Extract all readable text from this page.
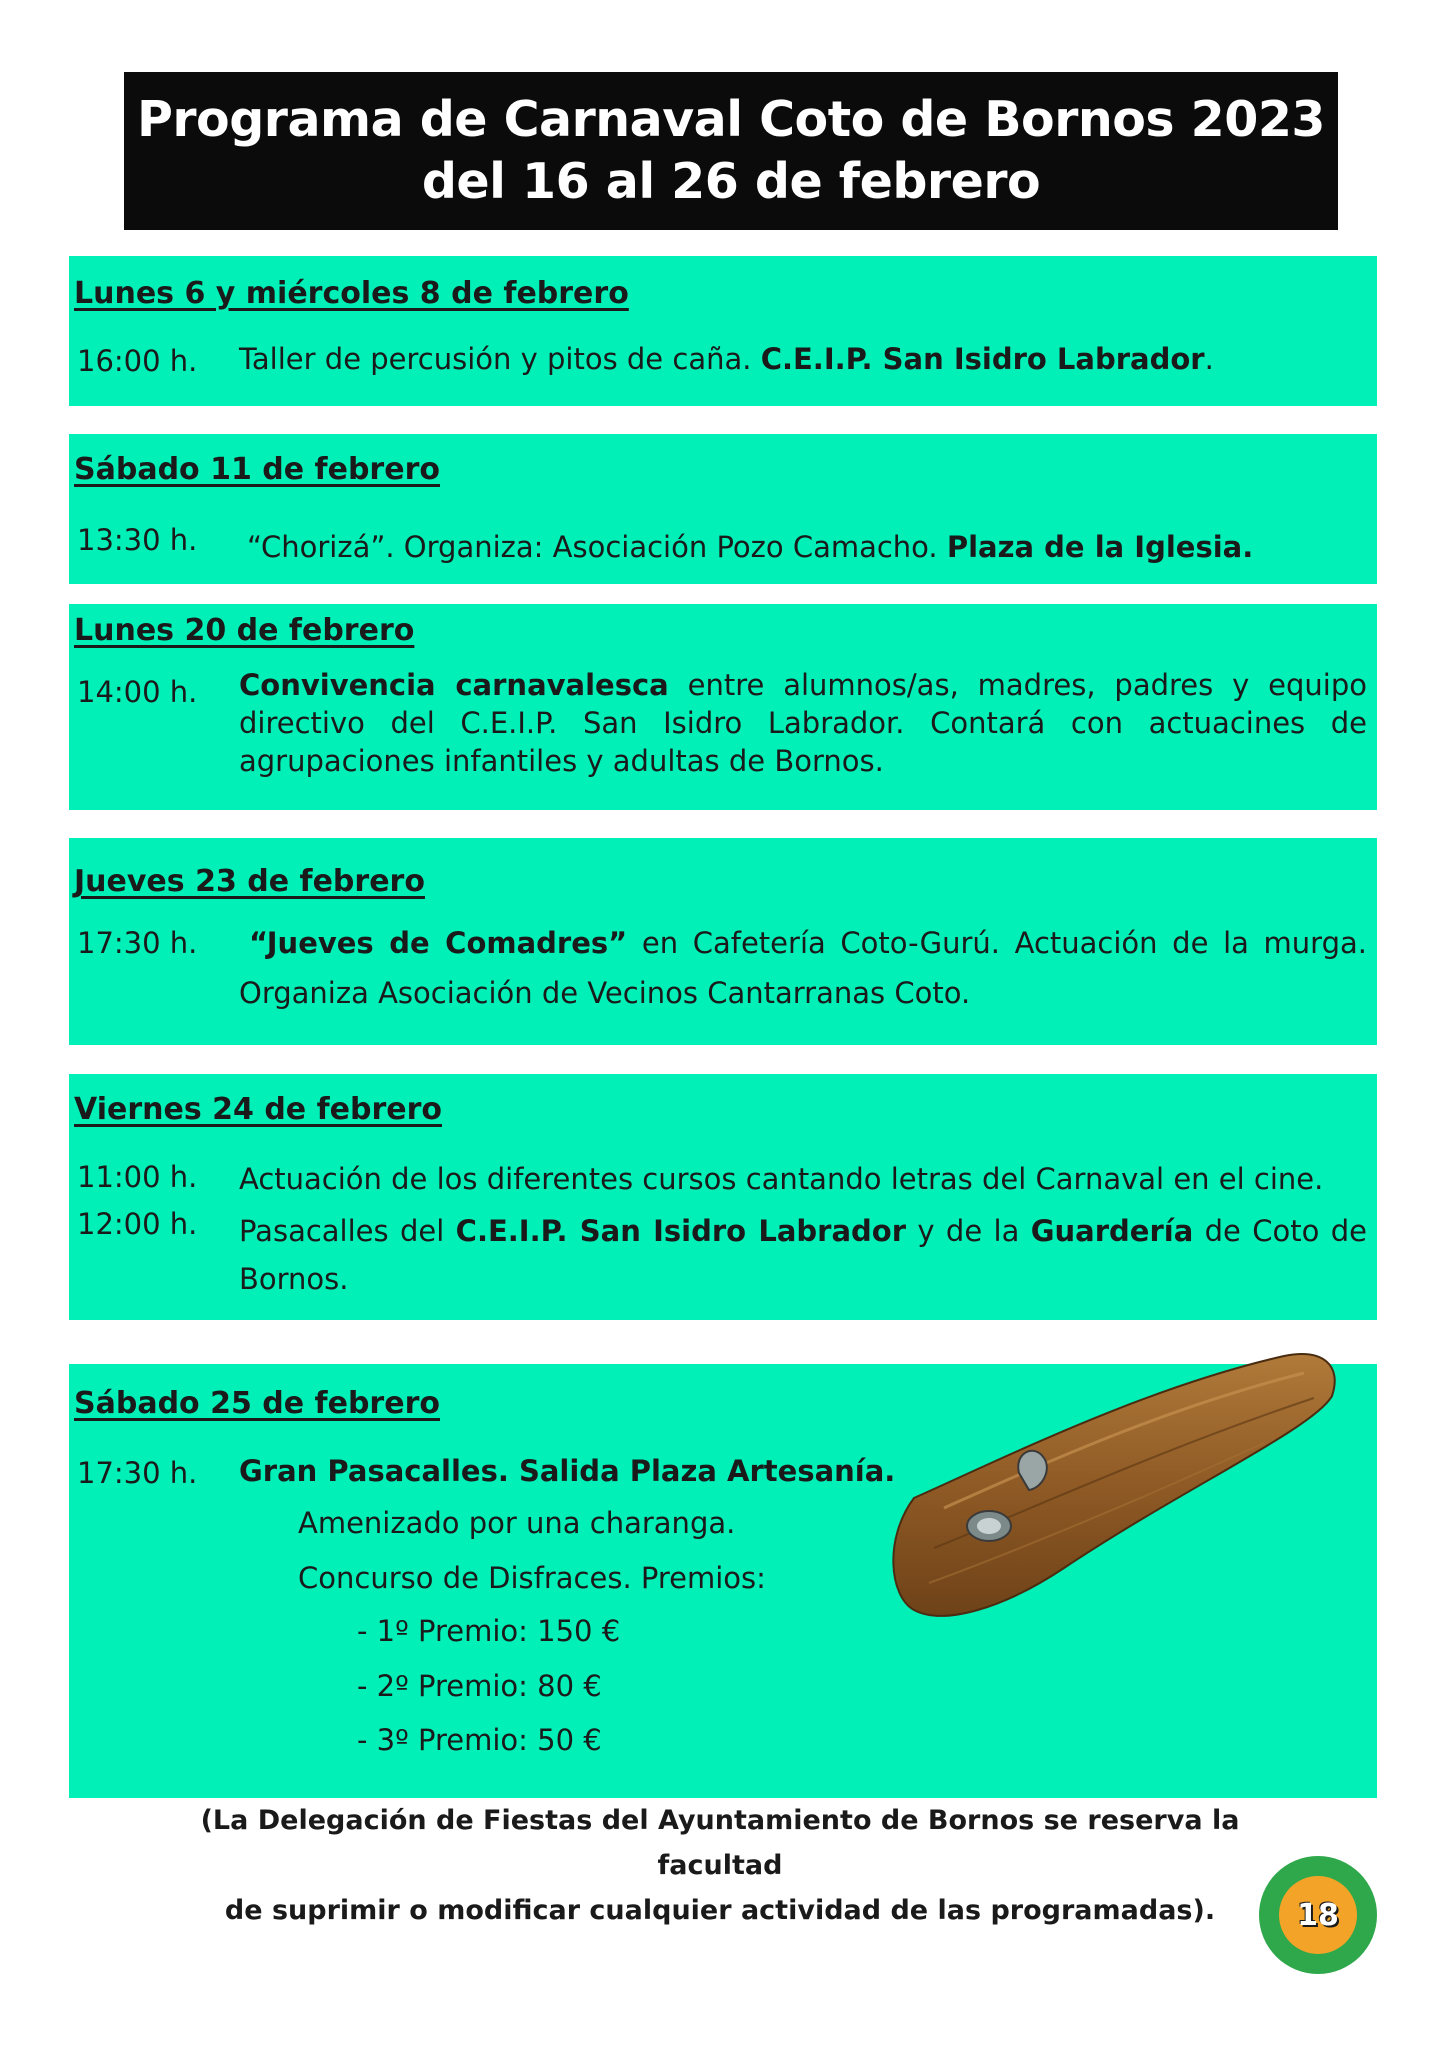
Programa de Carnaval Coto de Bornos 2023
del 16 al 26 de febrero
Lunes 6 y miércoles 8 de febrero
16:00 h. Taller de percusión y pitos de caña. C.E.I.P. San Isidro Labrador.
Sábado 11 de febrero
13:30 h. “Chorizá”. Organiza: Asociación Pozo Camacho. Plaza de la Iglesia.
Lunes 20 de febrero
14:00 h. Convivencia carnavalesca entre alumnos/as, madres, padres y equipo directivo del C.E.I.P. San Isidro Labrador. Contará con actuacines de agrupaciones infantiles y adultas de Bornos.
Jueves 23 de febrero
17:30 h.	“Jueves de Comadres” en Cafetería Coto-Gurú. Actuación de la murga. Organiza Asociación de Vecinos Cantarranas Coto.
Viernes 24 de febrero
11:00 h. Actuación de los diferentes cursos cantando letras del Carnaval en el cine.
12:00 h. Pasacalles del C.E.I.P. San Isidro Labrador y de la Guardería de Coto de Bornos.
Sábado 25 de febrero
17:30 h. Gran Pasacalles. Salida Plaza Artesanía.
Amenizado por una charanga.
Concurso de Disfraces. Premios:
- 1º Premio: 150 €
- 2º Premio: 80 €
- 3º Premio: 50 €
(La Delegación de Fiestas del Ayuntamiento de Bornos se reserva la facultad
de suprimir o modificar cualquier actividad de las programadas).	18
